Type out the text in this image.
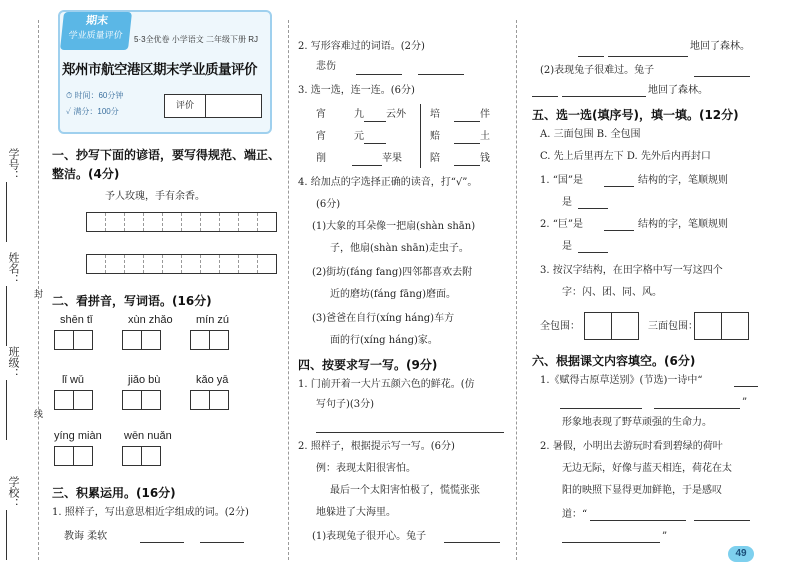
学号：
姓名：
封
班级：
线
学校：
期末
学业质量评价	5·3全优卷 小学语文 二年级下册 RJ
郑州市航空港区期末学业质量评价
⏱ 时间：60分钟
✓ 满分：100分
评价
一、抄写下面的谚语，要写得规范、端正、
整洁。(4分)
予人玫瑰，手有余香。
二、看拼音，写词语。(16分)
shēn tǐ	xùn zhǎo mín zú
lǐ wǔ	jiǎo bù	kǎo yā
yíng miàn wēn nuǎn
三、积累运用。(16分)
1. 照样子，写出意思相近字组成的词。(2分)
教诲 柔软
2. 写形容难过的词语。(2分)
悲伤
3. 选一选，连一连。(6分)
宵	九 云外
宵	元
削	苹果
培	伴
赔	土
陪	钱
4. 给加点的字选择正确的读音，打“√”。
(6分)
(1)大象的耳朵像一把扇(shàn shān)
子，他扇(shàn shān)走虫子。
(2)街坊(fáng fang)四邻都喜欢去附
近的磨坊(fáng fāng)磨面。
(3)爸爸在自行(xíng háng)车方
面的行(xíng háng)家。
四、按要求写一写。(9分)
1. 门前开着一大片五颜六色的鲜花。(仿
写句子)(3分)
2. 照样子，根据提示写一写。(6分)
例：表现太阳很害怕。
最后一个太阳害怕极了，慌慌张张
地躲进了大海里。
(1)表现兔子很开心。兔子
地回了森林。
(2)表现兔子很难过。兔子
地回了森林。
五、选一选(填序号)，填一填。(12分)
A. 三面包围 B. 全包围
C. 先上后里再左下 D. 先外后内再封口
1. “国”是	结构的字，笔顺规则
是
2. “巨”是	结构的字，笔顺规则
是
3. 按汉字结构，在田字格中写一写这四个
字：闪、团、同、风。
全包围：	三面包围：
六、根据课文内容填空。(6分)
1.《赋得古原草送别》(节选)一诗中“
”
形象地表现了野草顽强的生命力。
2. 暑假，小明出去游玩时看到碧绿的荷叶
无边无际，好像与蓝天相连，荷花在太
阳的映照下显得更加鲜艳，于是感叹
道：“
”
49
